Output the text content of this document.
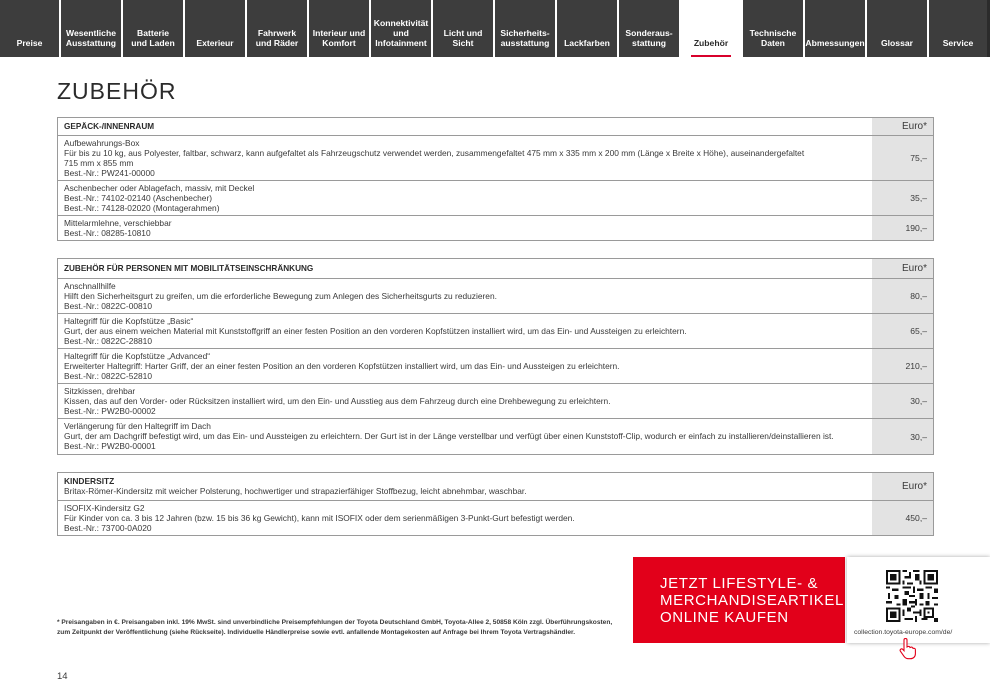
Preise
Wesentliche
Ausstattung
Batterie
und Laden	Exterieur
Fahrwerk
und Räder
Interieur und
Komfort
Konnektivität
und
Infotainment
Licht und Sicht
Sicherheits-
ausstattung Lackfarben
Sonderaus-
stattung	Zubehör
Technische
Daten	Abmessungen Glossar	Service
ZUBEHÖR
GEPÄCK-/INNENRAUM	Euro*
Aufbewahrungs-Box
Für bis zu 10 kg, aus Polyester, faltbar, schwarz, kann aufgefaltet als Fahrzeugschutz verwendet werden, zusammengefaltet 475 mm x 335 mm x 200 mm (Länge x Breite x Höhe), auseinandergefaltet
715 mm x 855 mm
Best.-Nr.: PW241-00000
75,–
Aschenbecher oder Ablagefach, massiv, mit Deckel
Best.-Nr.: 74102-02140 (Aschenbecher)
Best.-Nr.: 74128-02020 (Montagerahmen)
35,–
Mittelarmlehne, verschiebbar
Best.-Nr.: 08285-10810	190,–
ZUBEHÖR FÜR PERSONEN MIT MOBILITÄTSEINSCHRÄNKUNG	Euro*
Anschnallhilfe
Hilft den Sicherheitsgurt zu greifen, um die erforderliche Bewegung zum Anlegen des Sicherheitsgurts zu reduzieren.
Best.-Nr.: 0822C-00810
80,–
Haltegriff für die Kopfstütze „Basic“
Gurt, der aus einem weichen Material mit Kunststoffgriff an einer festen Position an den vorderen Kopfstützen installiert wird, um das Ein- und Aussteigen zu erleichtern.
Best.-Nr.: 0822C-28810
65,–
Haltegriff für die Kopfstütze „Advanced“
Erweiterter Haltegriff: Harter Griff, der an einer festen Position an den vorderen Kopfstützen installiert wird, um das Ein- und Aussteigen zu erleichtern.
Best.-Nr.: 0822C-52810
210,–
Sitzkissen, drehbar
Kissen, das auf den Vorder- oder Rücksitzen installiert wird, um den Ein- und Ausstieg aus dem Fahrzeug durch eine Drehbewegung zu erleichtern.
Best.-Nr.: PW2B0-00002
30,–
Verlängerung für den Haltegriff im Dach
Gurt, der am Dachgriff befestigt wird, um das Ein- und Aussteigen zu erleichtern. Der Gurt ist in der Länge verstellbar und verfügt über einen Kunststoff-Clip, wodurch er einfach zu installieren/deinstallieren ist.
Best.-Nr.: PW2B0-00001
30,–
KINDERSITZ
Britax-Römer-Kindersitz mit weicher Polsterung, hochwertiger und strapazierfähiger Stoffbezug, leicht abnehmbar, waschbar.	Euro*
ISOFIX-Kindersitz G2
Für Kinder von ca. 3 bis 12 Jahren (bzw. 15 bis 36 kg Gewicht), kann mit ISOFIX oder dem serienmäßigen 3-Punkt-Gurt befestigt werden.
Best.-Nr.: 73700-0A020
450,–
JETZT LIFESTYLE- &
MERCHANDISEARTIKEL
ONLINE KAUFEN
collection.toyota-europe.com/de/
* Preisangaben in €. Preisangaben inkl. 19% MwSt. sind unverbindliche Preisempfehlungen der Toyota Deutschland GmbH, Toyota-Allee 2, 50858 Köln zzgl. Überführungskosten, zum Zeitpunkt der Veröffentlichung (siehe Rückseite). Individuelle Händlerpreise sowie evtl. anfallende Montagekosten auf Anfrage bei Ihrem Toyota Vertragshändler.
14
